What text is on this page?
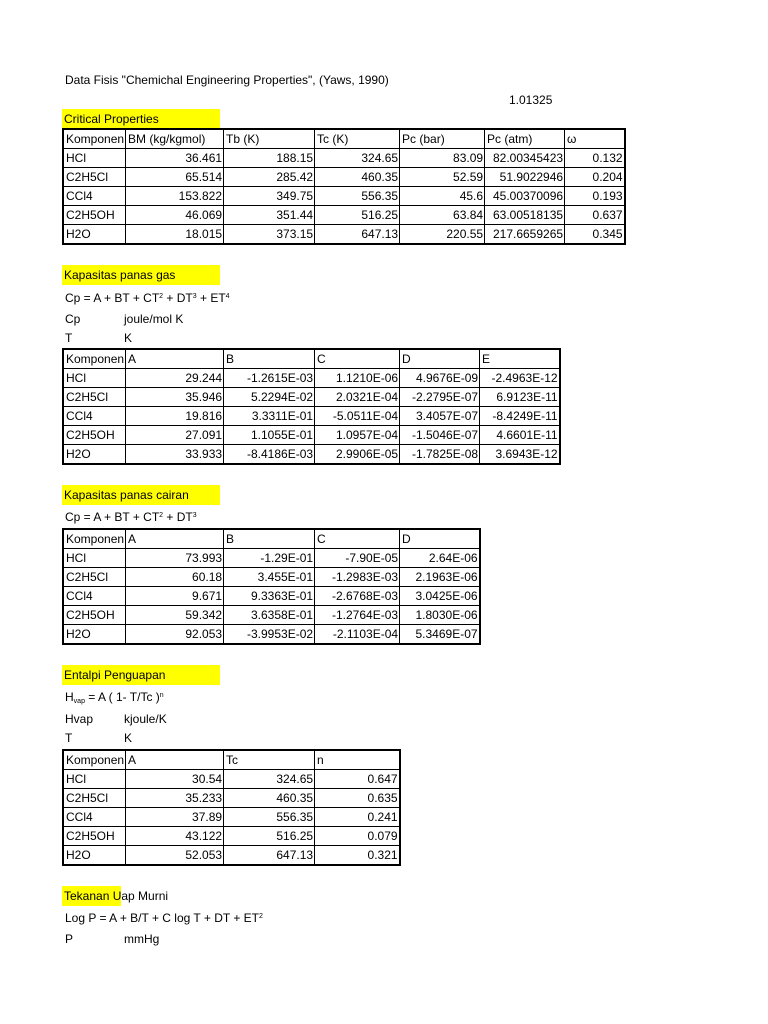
Data Fisis "Chemichal Engineering Properties", (Yaws, 1990)
1.01325
Critical Properties
Komponen	BM (kg/kgmol)	Tb (K)	Tc (K)	Pc (bar)	Pc (atm)	ω
HCl	36.461	188.15	324.65	83.09	82.00345423	0.132
C2H5Cl	65.514	285.42	460.35	52.59	51.9022946	0.204
CCl4	153.822	349.75	556.35	45.6	45.00370096	0.193
C2H5OH	46.069	351.44	516.25	63.84	63.00518135	0.637
H2O	18.015	373.15	647.13	220.55	217.6659265	0.345
Kapasitas panas gas
Cp = A + BT + $CT^2 + DT^3 + ET^4$
Cp	joule/mol K
T	K
Komponen	A	B	C	D	E
HCl	29.244	-1.2615E-03	1.1210E-06	4.9676E-09	-2.4963E-12
C2H5Cl	35.946	5.2294E-02	2.0321E-04	-2.2795E-07	6.9123E-11
CCl4	19.816	3.3311E-01	-5.0511E-04	3.4057E-07	-8.4249E-11
C2H5OH	27.091	1.1055E-01	1.0957E-04	-1.5046E-07	4.6601E-11
H2O	33.933	-8.4186E-03	2.9906E-05	-1.7825E-08	3.6943E-12
Kapasitas panas cairan
Cp = A + BT + $CT^2 + DT^3$
Komponen	A	B	C	D
HCl	73.993	-1.29E-01	-7.90E-05	2.64E-06
C2H5Cl	60.18	3.455E-01	-1.2983E-03	2.1963E-06
CCl4	9.671	9.3363E-01	-2.6768E-03	3.0425E-06
C2H5OH	59.342	3.6358E-01	-1.2764E-03	1.8030E-06
H2O	92.053	-3.9953E-02	-2.1103E-04	5.3469E-07
Entalpi Penguapan
$H_{vap} = A$ ( 1- T/Tc )$^n$
Hvap	kjoule/K
T	K
Komponen	A	Tc	n
HCl	30.54	324.65	0.647
C2H5Cl	35.233	460.35	0.635
CCl4	37.89	556.35	0.241
C2H5OH	43.122	516.25	0.079
H2O	52.053	647.13	0.321
Tekanan Uap Murni
Log P = A + B/T + C log T + DT + $ET^2$
P	mmHg
